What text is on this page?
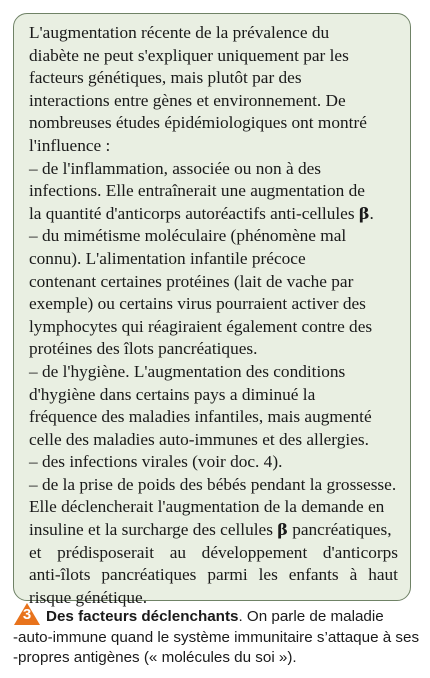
L'augmentation récente de la prévalence du
diabète ne peut s'expliquer uniquement par les
facteurs génétiques, mais plutôt par des
interactions entre gènes et environnement. De
nombreuses études épidémiologiques ont montré
l'influence :
– de l'inflammation, associée ou non à des
infections. Elle entraînerait une augmentation de
la quantité d'anticorps autoréactifs anti-cellules β.
– du mimétisme moléculaire (phénomène mal
connu). L'alimentation infantile précoce
contenant certaines protéines (lait de vache par
exemple) ou certains virus pourraient activer des
lymphocytes qui réagiraient également contre des
protéines des îlots pancréatiques.
– de l'hygiène. L'augmentation des conditions
d'hygiène dans certains pays a diminué la
fréquence des maladies infantiles, mais augmenté
celle des maladies auto-immunes et des allergies.
– des infections virales (voir doc. 4).
– de la prise de poids des bébés pendant la grossesse.
Elle déclencherait l'augmentation de la demande en
insuline et la surcharge des cellules β pancréatiques,
et prédisposerait au développement d'anticorps
anti-îlots pancréatiques parmi les enfants à haut
risque génétique.

3 Des facteurs déclenchants. On parle de maladie
-auto-immune quand le système immunitaire s’attaque à ses
-propres antigènes (« molécules du soi »).
